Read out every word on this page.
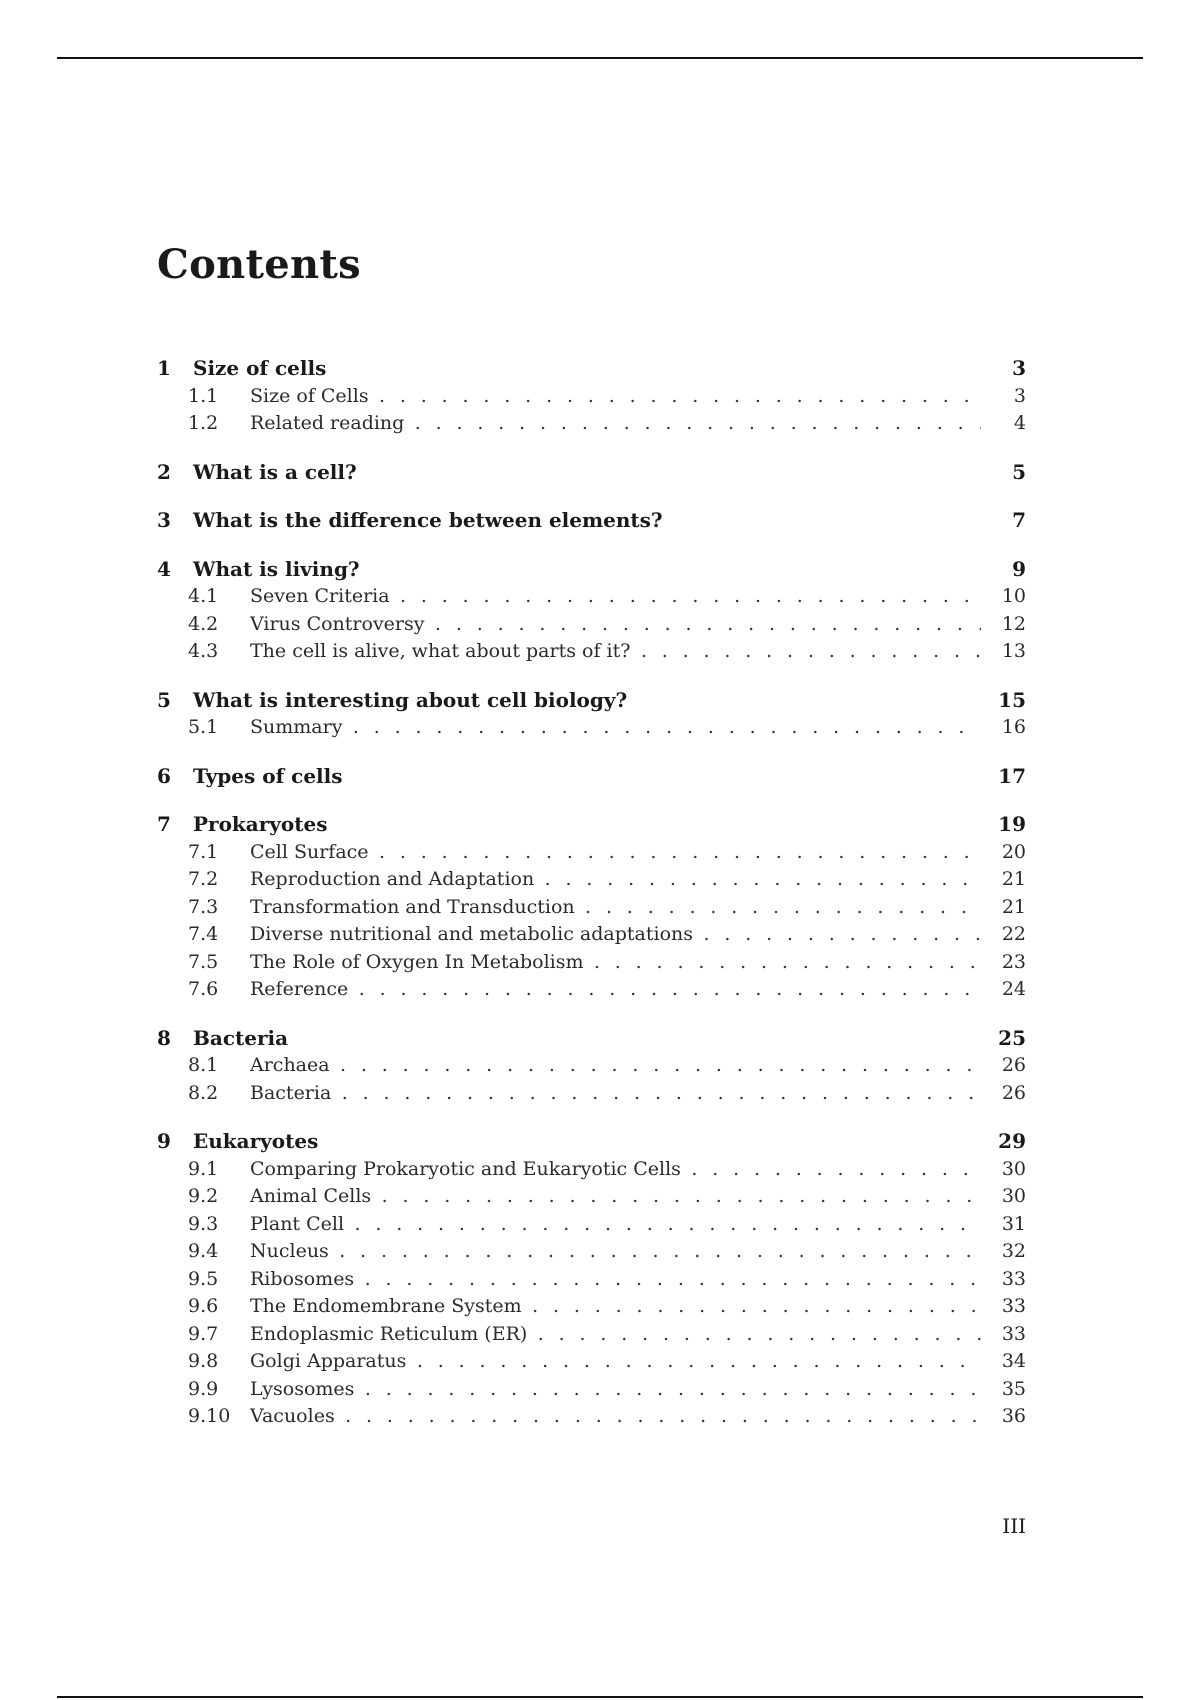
Contents
1 Size of cells	3
1.1 Size of Cells . . .	3
1.2 Related reading . . .	4
2 What is a cell?	5
3 What is the difference between elements?	7
4 What is living?	9
4.1 Seven Criteria . . .	10
4.2 Virus Controversy . . .	12
4.3 The cell is alive, what about parts of it? . . .	13
5 What is interesting about cell biology?	15
5.1 Summary . . .	16
6 Types of cells	17
7 Prokaryotes	19
7.1 Cell Surface . . .	20
7.2 Reproduction and Adaptation . . .	21
7.3 Transformation and Transduction . . .	21
7.4 Diverse nutritional and metabolic adaptations . . .	22
7.5 The Role of Oxygen In Metabolism . . .	23
7.6 Reference . . .	24
8 Bacteria	25
8.1 Archaea . . .	26
8.2 Bacteria . . .	26
9 Eukaryotes	29
9.1 Comparing Prokaryotic and Eukaryotic Cells . . .	30
9.2 Animal Cells . . .	30
9.3 Plant Cell . . .	31
9.4 Nucleus . . .	32
9.5 Ribosomes . . .	33
9.6 The Endomembrane System . . .	33
9.7 Endoplasmic Reticulum (ER) . . .	33
9.8 Golgi Apparatus . . .	34
9.9 Lysosomes . . .	35
9.10 Vacuoles . . .	36
III
